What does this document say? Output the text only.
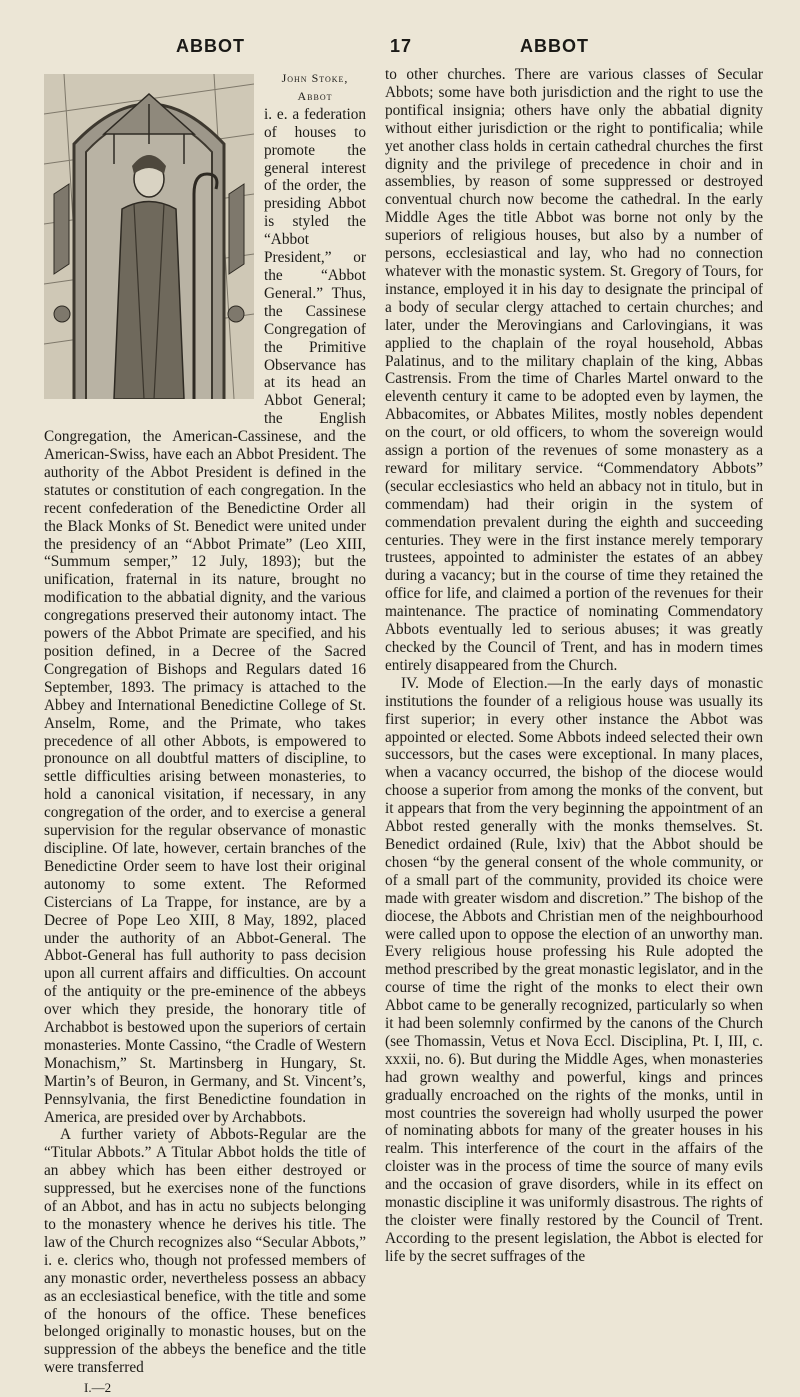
ABBOT	17	ABBOT

John Stoke, Abbot
i. e. a federation of houses to promote the general interest of the order, the presiding Abbot is styled the “Abbot President,” or the “Abbot General.” Thus, the Cassinese Congregation of the Primitive Observance has at its head an Abbot General; the English Congregation, the American-Cassinese, and the American-Swiss, have each an Abbot President. The authority of the Abbot President is defined in the statutes or constitution of each congregation. In the recent confederation of the Benedictine Order all the Black Monks of St. Benedict were united under the presidency of an “Abbot Primate” (Leo XIII, “Summum semper,” 12 July, 1893); but the unification, fraternal in its nature, brought no modification to the abbatial dignity, and the various congregations preserved their autonomy intact. The powers of the Abbot Primate are specified, and his position defined, in a Decree of the Sacred Congregation of Bishops and Regulars dated 16 September, 1893. The primacy is attached to the Abbey and International Benedictine College of St. Anselm, Rome, and the Primate, who takes precedence of all other Abbots, is empowered to pronounce on all doubtful matters of discipline, to settle difficulties arising between monasteries, to hold a canonical visitation, if necessary, in any congregation of the order, and to exercise a general supervision for the regular observance of monastic discipline. Of late, however, certain branches of the Benedictine Order seem to have lost their original autonomy to some extent. The Reformed Cistercians of La Trappe, for instance, are by a Decree of Pope Leo XIII, 8 May, 1892, placed under the authority of an Abbot-General. The Abbot-General has full authority to pass decision upon all current affairs and difficulties. On account of the antiquity or the pre-eminence of the abbeys over which they preside, the honorary title of Archabbot is bestowed upon the superiors of certain monasteries. Monte Cassino, “the Cradle of Western Monachism,” St. Martinsberg in Hungary, St. Martin’s of Beuron, in Germany, and St. Vincent’s, Pennsylvania, the first Benedictine foundation in America, are presided over by Archabbots.

A further variety of Abbots-Regular are the “Titular Abbots.” A Titular Abbot holds the title of an abbey which has been either destroyed or suppressed, but he exercises none of the functions of an Abbot, and has in actu no subjects belonging to the monastery whence he derives his title. The law of the Church recognizes also “Secular Abbots,” i. e. clerics who, though not professed members of any monastic order, nevertheless possess an abbacy as an ecclesiastical benefice, with the title and some of the honours of the office. These benefices belonged originally to monastic houses, but on the suppression of the abbeys the benefice and the title were transferred

I.—2

to other churches. There are various classes of Secular Abbots; some have both jurisdiction and the right to use the pontifical insignia; others have only the abbatial dignity without either jurisdiction or the right to pontificalia; while yet another class holds in certain cathedral churches the first dignity and the privilege of precedence in choir and in assemblies, by reason of some suppressed or destroyed conventual church now become the cathedral. In the early Middle Ages the title Abbot was borne not only by the superiors of religious houses, but also by a number of persons, ecclesiastical and lay, who had no connection whatever with the monastic system. St. Gregory of Tours, for instance, employed it in his day to designate the principal of a body of secular clergy attached to certain churches; and later, under the Merovingians and Carlovingians, it was applied to the chaplain of the royal household, Abbas Palatinus, and to the military chaplain of the king, Abbas Castrensis. From the time of Charles Martel onward to the eleventh century it came to be adopted even by laymen, the Abbacomites, or Abbates Milites, mostly nobles dependent on the court, or old officers, to whom the sovereign would assign a portion of the revenues of some monastery as a reward for military service. “Commendatory Abbots” (secular ecclesiastics who held an abbacy not in titulo, but in commendam) had their origin in the system of commendation prevalent during the eighth and succeeding centuries. They were in the first instance merely temporary trustees, appointed to administer the estates of an abbey during a vacancy; but in the course of time they retained the office for life, and claimed a portion of the revenues for their maintenance. The practice of nominating Commendatory Abbots eventually led to serious abuses; it was greatly checked by the Council of Trent, and has in modern times entirely disappeared from the Church.

IV. Mode of Election.—In the early days of monastic institutions the founder of a religious house was usually its first superior; in every other instance the Abbot was appointed or elected. Some Abbots indeed selected their own successors, but the cases were exceptional. In many places, when a vacancy occurred, the bishop of the diocese would choose a superior from among the monks of the convent, but it appears that from the very beginning the appointment of an Abbot rested generally with the monks themselves. St. Benedict ordained (Rule, lxiv) that the Abbot should be chosen “by the general consent of the whole community, or of a small part of the community, provided its choice were made with greater wisdom and discretion.” The bishop of the diocese, the Abbots and Christian men of the neighbourhood were called upon to oppose the election of an unworthy man. Every religious house professing his Rule adopted the method prescribed by the great monastic legislator, and in the course of time the right of the monks to elect their own Abbot came to be generally recognized, particularly so when it had been solemnly confirmed by the canons of the Church (see Thomassin, Vetus et Nova Eccl. Disciplina, Pt. I, III, c. xxxii, no. 6). But during the Middle Ages, when monasteries had grown wealthy and powerful, kings and princes gradually encroached on the rights of the monks, until in most countries the sovereign had wholly usurped the power of nominating abbots for many of the greater houses in his realm. This interference of the court in the affairs of the cloister was in the process of time the source of many evils and the occasion of grave disorders, while in its effect on monastic discipline it was uniformly disastrous. The rights of the cloister were finally restored by the Council of Trent. According to the present legislation, the Abbot is elected for life by the secret suffrages of the
